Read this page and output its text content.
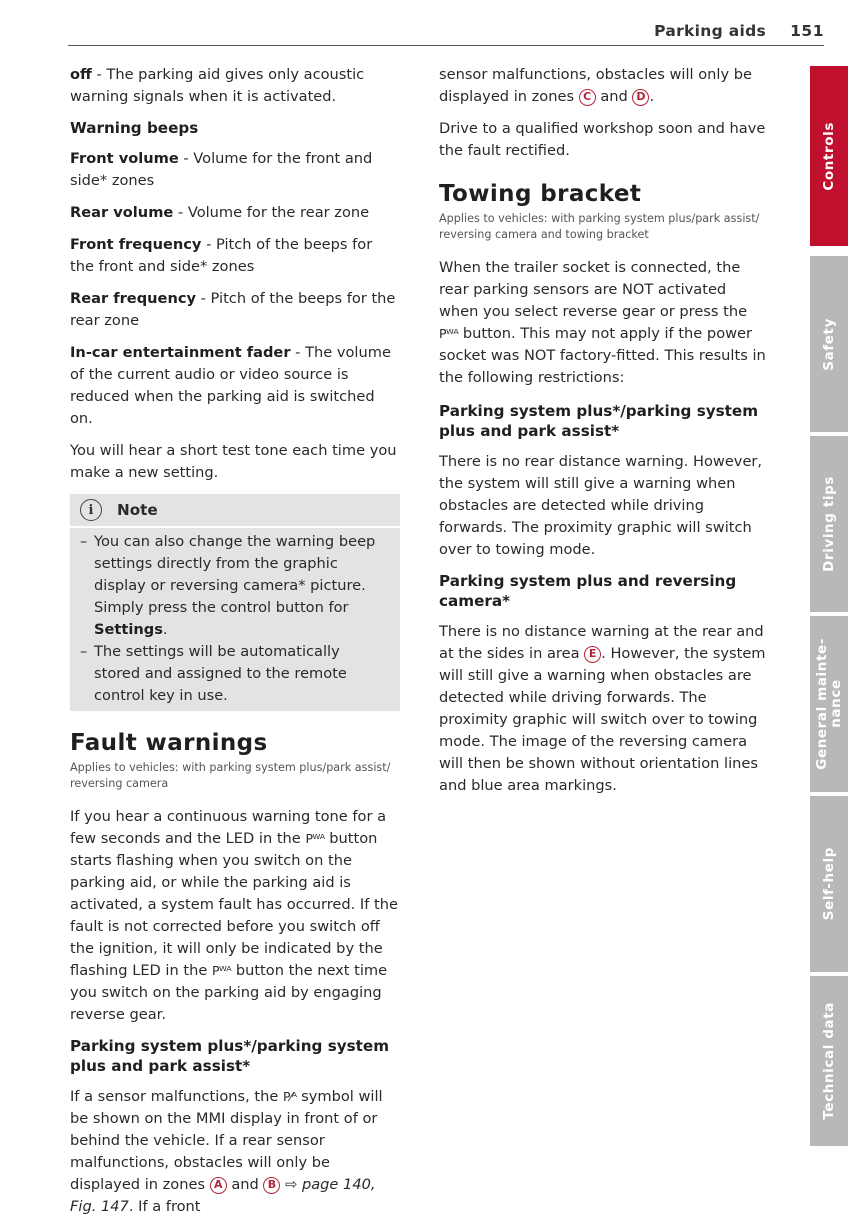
Parking aids 151

off - The parking aid gives only acoustic warning signals when it is activated.

Warning beeps

Front volume - Volume for the front and side* zones

Rear volume - Volume for the rear zone

Front frequency - Pitch of the beeps for the front and side* zones

Rear frequency - Pitch of the beeps for the rear zone

In-car entertainment fader - The volume of the current audio or video source is reduced when the parking aid is switched on.

You will hear a short test tone each time you make a new setting.

i	Note

– You can also change the warning beep settings directly from the graphic display or reversing camera* picture. Simply press the control button for Settings.

– The settings will be automatically stored and assigned to the remote control key in use.

Fault warnings
Applies to vehicles: with parking system plus/park assist/ reversing camera

If you hear a continuous warning tone for a few seconds and the LED in the Pᵂᴬ button starts flashing when you switch on the parking aid, or while the parking aid is activated, a system fault has occurred. If the fault is not corrected before you switch off the ignition, it will only be indicated by the flashing LED in the Pᵂᴬ button the next time you switch on the parking aid by engaging reverse gear.

Parking system plus*/parking system plus and park assist*

If a sensor malfunctions, the P⁄ᴬ symbol will be shown on the MMI display in front of or behind the vehicle. If a rear sensor malfunctions, obstacles will only be displayed in zones A and B ⇨ page 140, Fig. 147. If a front

sensor malfunctions, obstacles will only be displayed in zones C and D .

Drive to a qualified workshop soon and have the fault rectified.

Towing bracket
Applies to vehicles: with parking system plus/park assist/ reversing camera and towing bracket

When the trailer socket is connected, the rear parking sensors are NOT activated when you select reverse gear or press the Pᵂᴬ button. This may not apply if the power socket was NOT factory-fitted. This results in the following restrictions:

Parking system plus*/parking system plus and park assist*

There is no rear distance warning. However, the system will still give a warning when obstacles are detected while driving forwards. The proximity graphic will switch over to towing mode.

Parking system plus and reversing camera*

There is no distance warning at the rear and at the sides in area E . However, the system will still give a warning when obstacles are detected while driving forwards. The proximity graphic will switch over to towing mode. The image of the reversing camera will then be shown without orientation lines and blue area markings.

Controls
Safety
Driving tips
General mainte-
nance
Self-help
Technical data
